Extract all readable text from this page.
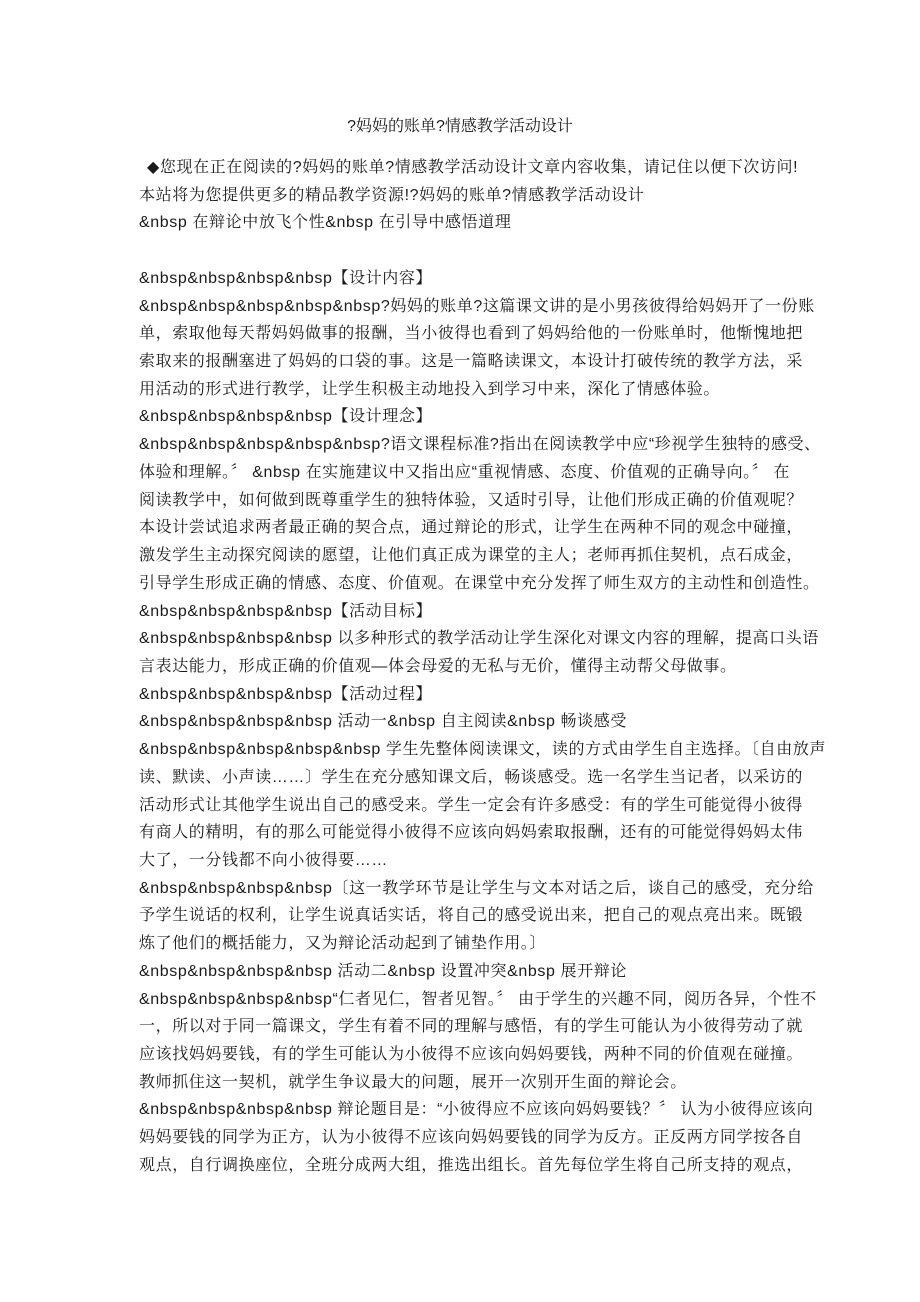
?妈妈的账单?情感教学活动设计
◆您现在正在阅读的?妈妈的账单?情感教学活动设计文章内容收集，请记住以便下次访问!
本站将为您提供更多的精品教学资源!?妈妈的账单?情感教学活动设计
&nbsp 在辩论中放飞个性&nbsp 在引导中感悟道理
&nbsp&nbsp&nbsp&nbsp【设计内容】
&nbsp&nbsp&nbsp&nbsp&nbsp?妈妈的账单?这篇课文讲的是小男孩彼得给妈妈开了一份账
单，索取他每天帮妈妈做事的报酬，当小彼得也看到了妈妈给他的一份账单时，他惭愧地把
索取来的报酬塞进了妈妈的口袋的事。这是一篇略读课文，本设计打破传统的教学方法，采
用活动的形式进行教学，让学生积极主动地投入到学习中来，深化了情感体验。
&nbsp&nbsp&nbsp&nbsp【设计理念】
&nbsp&nbsp&nbsp&nbsp&nbsp?语文课程标准?指出在阅读教学中应“珍视学生独特的感受、
体验和理解。〞 &nbsp 在实施建议中又指出应“重视情感、态度、价值观的正确导向。〞 在
阅读教学中，如何做到既尊重学生的独特体验，又适时引导，让他们形成正确的价值观呢？
本设计尝试追求两者最正确的契合点，通过辩论的形式，让学生在两种不同的观念中碰撞，
激发学生主动探究阅读的愿望，让他们真正成为课堂的主人；老师再抓住契机，点石成金，
引导学生形成正确的情感、态度、价值观。在课堂中充分发挥了师生双方的主动性和创造性。
&nbsp&nbsp&nbsp&nbsp【活动目标】
&nbsp&nbsp&nbsp&nbsp 以多种形式的教学活动让学生深化对课文内容的理解，提高口头语
言表达能力，形成正确的价值观—体会母爱的无私与无价，懂得主动帮父母做事。
&nbsp&nbsp&nbsp&nbsp【活动过程】
&nbsp&nbsp&nbsp&nbsp 活动一&nbsp 自主阅读&nbsp 畅谈感受
&nbsp&nbsp&nbsp&nbsp&nbsp 学生先整体阅读课文，读的方式由学生自主选择。〔自由放声
读、默读、小声读……〕学生在充分感知课文后，畅谈感受。选一名学生当记者，以采访的
活动形式让其他学生说出自己的感受来。学生一定会有许多感受：有的学生可能觉得小彼得
有商人的精明，有的那么可能觉得小彼得不应该向妈妈索取报酬，还有的可能觉得妈妈太伟
大了，一分钱都不向小彼得要……
&nbsp&nbsp&nbsp&nbsp〔这一教学环节是让学生与文本对话之后，谈自己的感受，充分给
予学生说话的权利，让学生说真话实话，将自己的感受说出来，把自己的观点亮出来。既锻
炼了他们的概括能力，又为辩论活动起到了铺垫作用。〕
&nbsp&nbsp&nbsp&nbsp 活动二&nbsp 设置冲突&nbsp 展开辩论
&nbsp&nbsp&nbsp&nbsp“仁者见仁，智者见智。〞 由于学生的兴趣不同，阅历各异，个性不
一，所以对于同一篇课文，学生有着不同的理解与感悟，有的学生可能认为小彼得劳动了就
应该找妈妈要钱，有的学生可能认为小彼得不应该向妈妈要钱，两种不同的价值观在碰撞。
教师抓住这一契机，就学生争议最大的问题，展开一次别开生面的辩论会。
&nbsp&nbsp&nbsp&nbsp 辩论题目是：“小彼得应不应该向妈妈要钱？〞 认为小彼得应该向
妈妈要钱的同学为正方，认为小彼得不应该向妈妈要钱的同学为反方。正反两方同学按各自
观点，自行调换座位，全班分成两大组，推选出组长。首先每位学生将自己所支持的观点，
